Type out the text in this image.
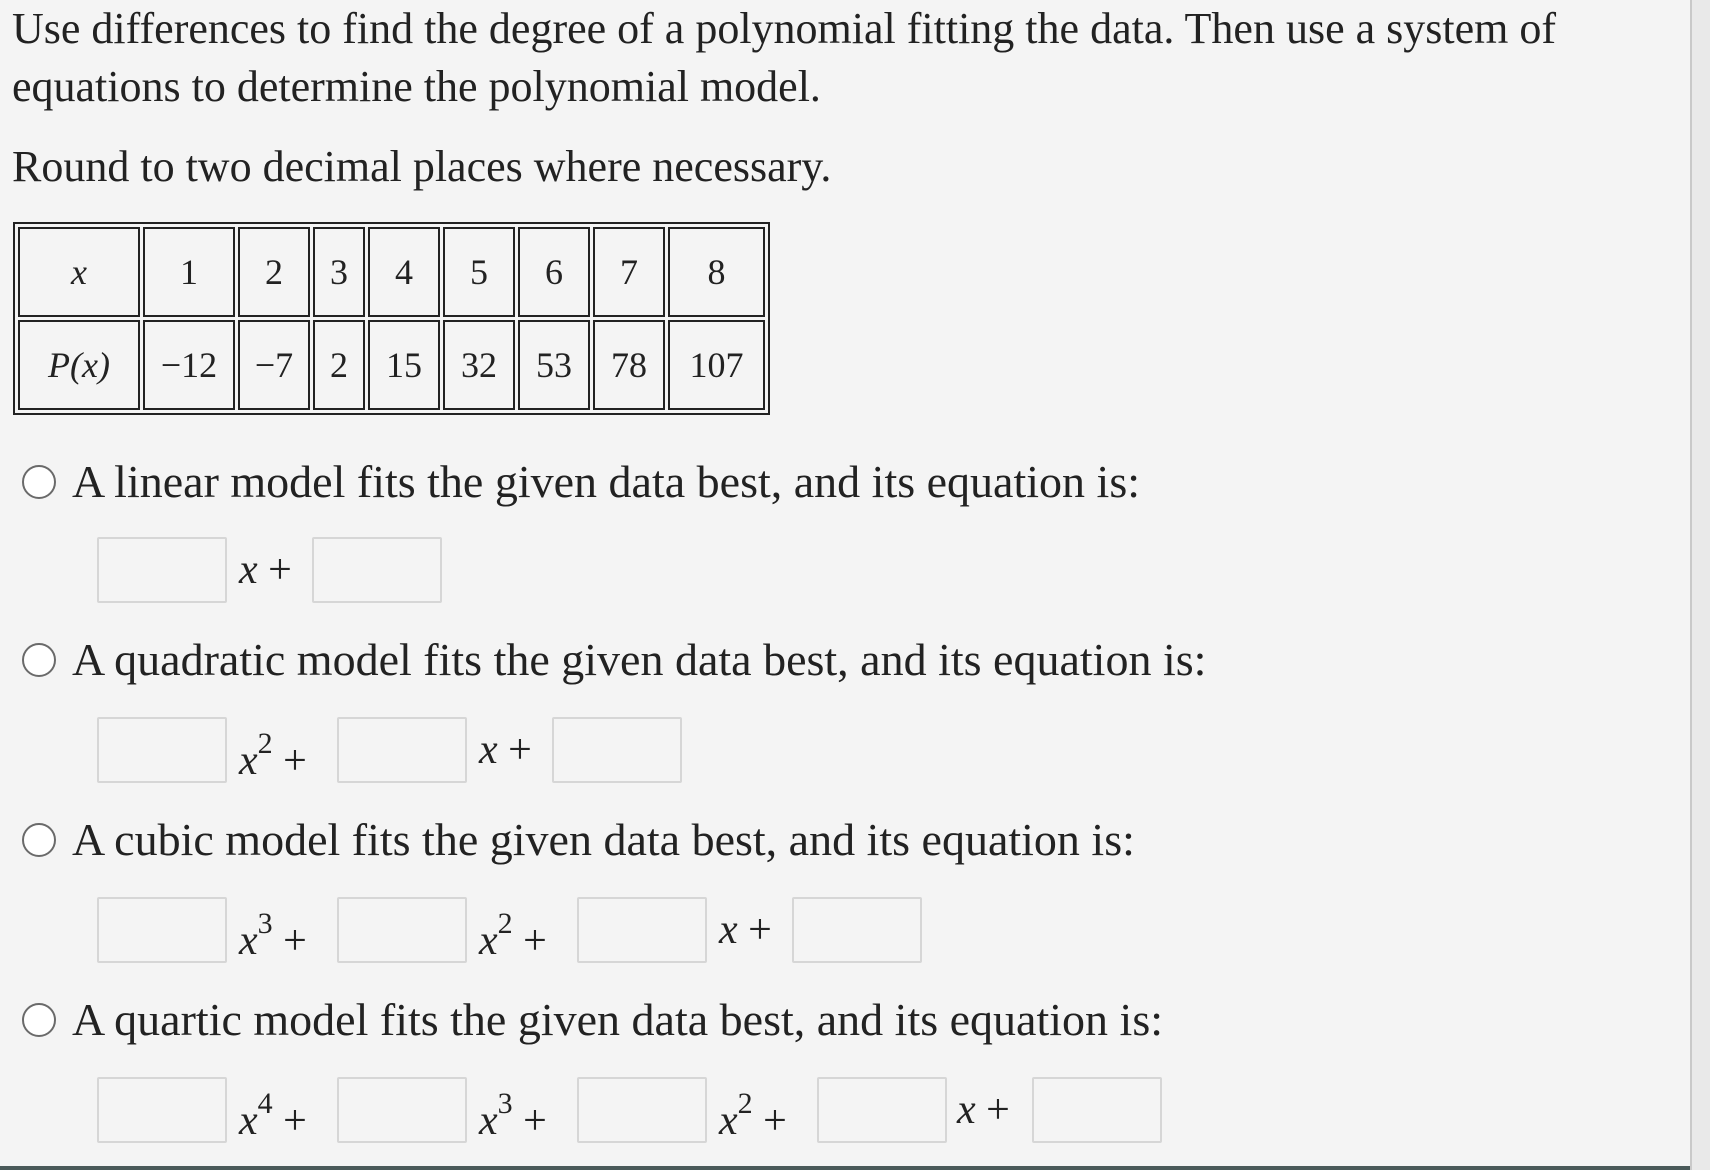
Use differences to find the degree of a polynomial fitting the data. Then use a system of equations to determine the polynomial model.

Round to two decimal places where necessary.

x	1	2	3	4	5	6	7	8
P(x)	−12	−7	2	15	32	53	78	107
A linear model fits the given data best, and its equation is:
x +
A quadratic model fits the given data best, and its equation is:
$x^2$ +	x +
A cubic model fits the given data best, and its equation is:
$x^3$ +	$x^2$ +	x +
A quartic model fits the given data best, and its equation is:
$x^4$ +	$x^3$ +	$x^2$ +	x +
